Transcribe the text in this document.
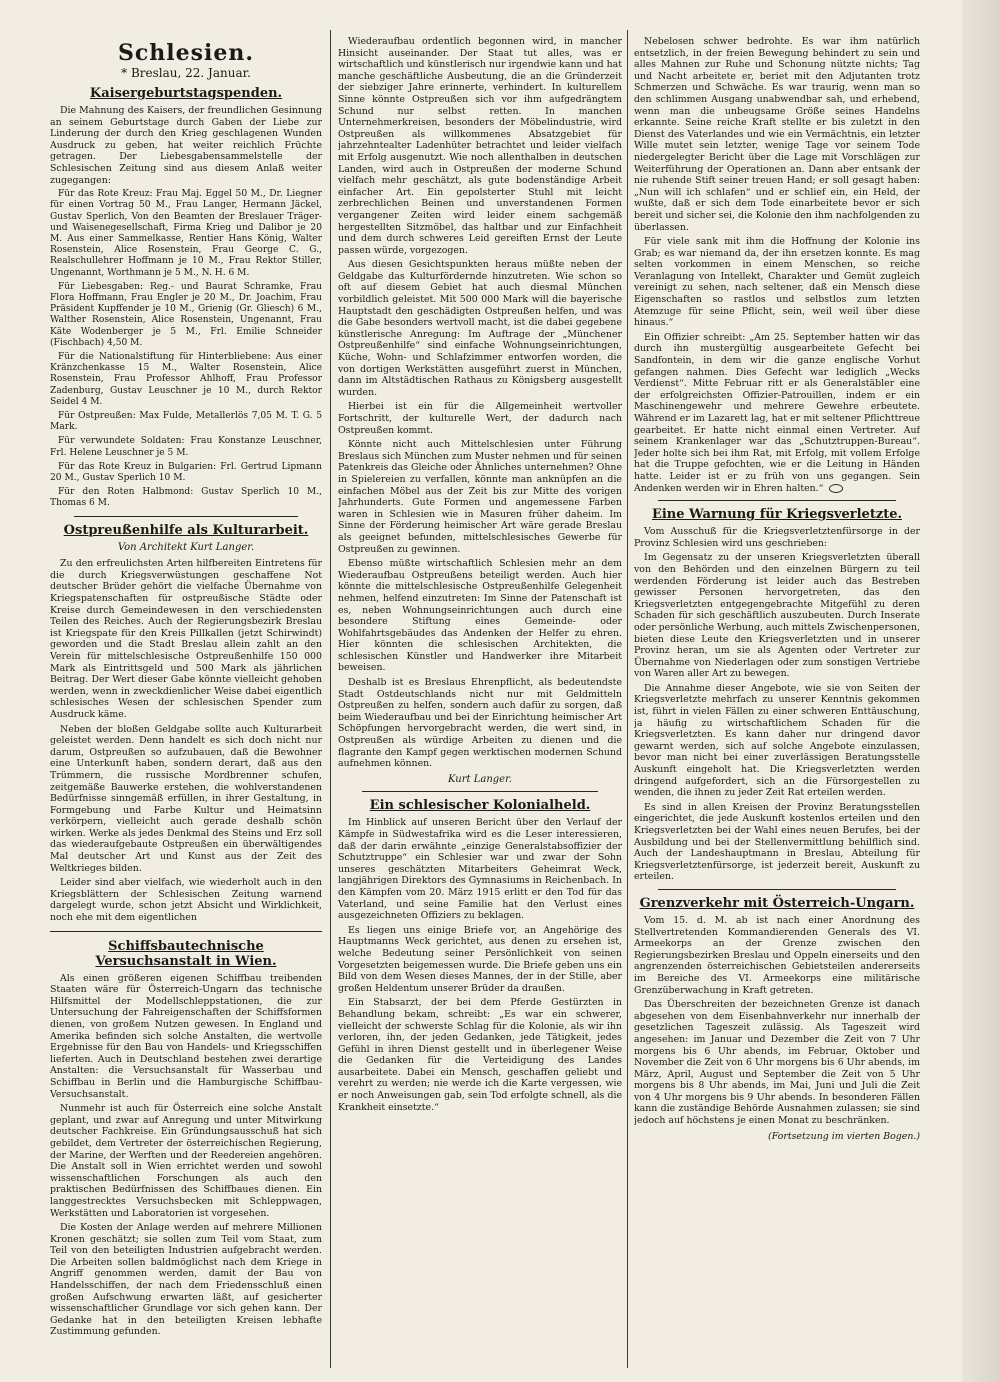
Schlesien.
* Breslau, 22. Januar.
Kaisergeburtstagspenden.

Die Mahnung des Kaisers, der freundlichen Gesinnung an seinem Geburtstage durch Gaben der Liebe zur Linderung der durch den Krieg geschlagenen Wunden Ausdruck zu geben, hat weiter reichlich Früchte getragen. Der Liebesgabensammelstelle der Schlesischen Zeitung sind aus diesem Anlaß weiter zugegangen:

Für das Rote Kreuz: Frau Maj. Eggel 50 M., Dr. Liegner für einen Vortrag 50 M., Frau Langer, Hermann Jäckel, Gustav Sperlich, Von den Beamten der Breslauer Träger- und Waisenegesellschaft, Firma Krieg und Dalibor je 20 M. Aus einer Sammelkasse, Rentier Hans König, Walter Rosenstein, Alice Rosenstein, Frau George C. G., Realschullehrer Hoffmann je 10 M., Frau Rektor Stiller, Ungenannt, Worthmann je 5 M., N. H. 6 M.

Für Liebesgaben: Reg.- und Baurat Schramke, Frau Flora Hoffmann, Frau Engler je 20 M., Dr. Joachim, Frau Präsident Kupffender je 10 M., Grienig (Gr. Gliesch) 6 M., Walther Rosenstein, Alice Rosenstein, Ungenannt, Frau Käte Wodenberger je 5 M., Frl. Emilie Schneider (Fischbach) 4,50 M.

Für die Nationalstiftung für Hinterbliebene: Aus einer Kränzchenkasse 15 M., Walter Rosenstein, Alice Rosenstein, Frau Professor Ahlhoff, Frau Professor Zadenburg, Gustav Leuschner je 10 M., durch Rektor Seidel 4 M.

Für Ostpreußen: Max Fulde, Metallerlös 7,05 M. T. G. 5 Mark.

Für verwundete Soldaten: Frau Konstanze Leuschner, Frl. Helene Leuschner je 5 M.

Für das Rote Kreuz in Bulgarien: Frl. Gertrud Lipmann 20 M., Gustav Sperlich 10 M.

Für den Roten Halbmond: Gustav Sperlich 10 M., Thomas 6 M.

Ostpreußenhilfe als Kulturarbeit.

Von Architekt Kurt Langer.

Zu den erfreulichsten Arten hilfbereiten Eintretens für die durch Kriegsverwüstungen geschaffene Not deutscher Brüder gehört die vielfache Übernahme von Kriegspatenschaften für ostpreußische Städte oder Kreise durch Gemeindewesen in den verschiedensten Teilen des Reiches. Auch der Regierungsbezirk Breslau ist Kriegspate für den Kreis Pillkallen (jetzt Schirwindt) geworden und die Stadt Breslau allein zahlt an den Verein für mittelschlesische Ostpreußenhilfe 150 000 Mark als Eintrittsgeld und 500 Mark als jährlichen Beitrag. Der Wert dieser Gabe könnte vielleicht gehoben werden, wenn in zweckdienlicher Weise dabei eigentlich schlesisches Wesen der schlesischen Spender zum Ausdruck käme.

Neben der bloßen Geldgabe sollte auch Kulturarbeit geleistet werden. Denn handelt es sich doch nicht nur darum, Ostpreußen so aufzubauen, daß die Bewohner eine Unterkunft haben, sondern derart, daß aus den Trümmern, die russische Mordbrenner schufen, zeitgemäße Bauwerke erstehen, die wohlverstandenen Bedürfnisse sinngemäß erfüllen, in ihrer Gestaltung, in Formgebung und Farbe Kultur und Heimatsinn verkörpern, vielleicht auch gerade deshalb schön wirken. Werke als jedes Denkmal des Steins und Erz soll das wiederaufgebaute Ostpreußen ein überwältigendes Mal deutscher Art und Kunst aus der Zeit des Weltkrieges bilden.

Leider sind aber vielfach, wie wiederholt auch in den Kriegsblättern der Schlesischen Zeitung warnend dargelegt wurde, schon jetzt Absicht und Wirklichkeit, noch ehe mit dem eigentlichen

Schiffsbautechnische Versuchsanstalt in Wien.

Als einen größeren eigenen Schiffbau treibenden Staaten wäre für Österreich-Ungarn das technische Hilfsmittel der Modellschleppstationen, die zur Untersuchung der Fahreigenschaften der Schiffsformen dienen, von großem Nutzen gewesen. In England und Amerika befinden sich solche Anstalten, die wertvolle Ergebnisse für den Bau von Handels- und Kriegsschiffen lieferten. Auch in Deutschland bestehen zwei derartige Anstalten: die Versuchsanstalt für Wasserbau und Schiffbau in Berlin und die Hamburgische Schiffbau-Versuchsanstalt.

Nunmehr ist auch für Österreich eine solche Anstalt geplant, und zwar auf Anregung und unter Mitwirkung deutscher Fachkreise. Ein Gründungsausschuß hat sich gebildet, dem Vertreter der österreichischen Regierung, der Marine, der Werften und der Reedereien angehören. Die Anstalt soll in Wien errichtet werden und sowohl wissenschaftlichen Forschungen als auch den praktischen Bedürfnissen des Schiffbaues dienen. Ein langgestrecktes Versuchsbecken mit Schleppwagen, Werkstätten und Laboratorien ist vorgesehen.

Die Kosten der Anlage werden auf mehrere Millionen Kronen geschätzt; sie sollen zum Teil vom Staat, zum Teil von den beteiligten Industrien aufgebracht werden. Die Arbeiten sollen baldmöglichst nach dem Kriege in Angriff genommen werden, damit der Bau von Handelsschiffen, der nach dem Friedensschluß einen großen Aufschwung erwarten läßt, auf gesicherter wissenschaftlicher Grundlage vor sich gehen kann. Der Gedanke hat in den beteiligten Kreisen lebhafte Zustimmung gefunden.

Wiederaufbau ordentlich begonnen wird, in mancher Hinsicht auseinander. Der Staat tut alles, was er wirtschaftlich und künstlerisch nur irgendwie kann und hat manche geschäftliche Ausbeutung, die an die Gründerzeit der siebziger Jahre erinnerte, verhindert. In kulturellem Sinne könnte Ostpreußen sich vor ihm aufgedrängtem Schund nur selbst retten. In manchen Unternehmerkreisen, besonders der Möbelindustrie, wird Ostpreußen als willkommenes Absatzgebiet für jahrzehntealter Ladenhüter betrachtet und leider vielfach mit Erfolg ausgenutzt. Wie noch allenthalben in deutschen Landen, wird auch in Ostpreußen der moderne Schund vielfach mehr geschätzt, als gute bodenständige Arbeit einfacher Art. Ein gepolsterter Stuhl mit leicht zerbrechlichen Beinen und unverstandenen Formen vergangener Zeiten wird leider einem sachgemäß hergestellten Sitzmöbel, das haltbar und zur Einfachheit und dem durch schweres Leid gereiften Ernst der Leute passen würde, vorgezogen.

Aus diesen Gesichtspunkten heraus müßte neben der Geldgabe das Kulturfördernde hinzutreten. Wie schon so oft auf diesem Gebiet hat auch diesmal München vorbildlich geleistet. Mit 500 000 Mark will die bayerische Hauptstadt den geschädigten Ostpreußen helfen, und was die Gabe besonders wertvoll macht, ist die dabei gegebene künstlerische Anregung: Im Auftrage der „Münchener Ostpreußenhilfe“ sind einfache Wohnungseinrichtungen, Küche, Wohn- und Schlafzimmer entworfen worden, die von dortigen Werkstätten ausgeführt zuerst in München, dann im Altstädtischen Rathaus zu Königsberg ausgestellt wurden.

Hierbei ist ein für die Allgemeinheit wertvoller Fortschritt, der kulturelle Wert, der dadurch nach Ostpreußen kommt.

Könnte nicht auch Mittelschlesien unter Führung Breslaus sich München zum Muster nehmen und für seinen Patenkreis das Gleiche oder Ähnliches unternehmen? Ohne in Spielereien zu verfallen, könnte man anknüpfen an die einfachen Möbel aus der Zeit bis zur Mitte des vorigen Jahrhunderts. Gute Formen und angemessene Farben waren in Schlesien wie in Masuren früher daheim. Im Sinne der Förderung heimischer Art wäre gerade Breslau als geeignet befunden, mittelschlesisches Gewerbe für Ostpreußen zu gewinnen.

Ebenso müßte wirtschaftlich Schlesien mehr an dem Wiederaufbau Ostpreußens beteiligt werden. Auch hier könnte die mittelschlesische Ostpreußenhilfe Gelegenheit nehmen, helfend einzutreten: Im Sinne der Patenschaft ist es, neben Wohnungseinrichtungen auch durch eine besondere Stiftung eines Gemeinde- oder Wohlfahrtsgebäudes das Andenken der Helfer zu ehren. Hier könnten die schlesischen Architekten, die schlesischen Künstler und Handwerker ihre Mitarbeit beweisen.

Deshalb ist es Breslaus Ehrenpflicht, als bedeutendste Stadt Ostdeutschlands nicht nur mit Geldmitteln Ostpreußen zu helfen, sondern auch dafür zu sorgen, daß beim Wiederaufbau und bei der Einrichtung heimischer Art Schöpfungen hervorgebracht werden, die wert sind, in Ostpreußen als würdige Arbeiten zu dienen und die flagrante den Kampf gegen werktischen modernen Schund aufnehmen können.

Kurt Langer.

Ein schlesischer Kolonialheld.

Im Hinblick auf unseren Bericht über den Verlauf der Kämpfe in Südwestafrika wird es die Leser interessieren, daß der darin erwähnte „einzige Generalstabsoffizier der Schutztruppe“ ein Schlesier war und zwar der Sohn unseres geschätzten Mitarbeiters Geheimrat Weck, langjährigen Direktors des Gymnasiums in Reichenbach. In den Kämpfen vom 20. März 1915 erlitt er den Tod für das Vaterland, und seine Familie hat den Verlust eines ausgezeichneten Offiziers zu beklagen.

Es liegen uns einige Briefe vor, an Angehörige des Hauptmanns Weck gerichtet, aus denen zu ersehen ist, welche Bedeutung seiner Persönlichkeit von seinen Vorgesetzten beigemessen wurde. Die Briefe geben uns ein Bild von dem Wesen dieses Mannes, der in der Stille, aber großen Heldentum unserer Brüder da draußen.

Ein Stabsarzt, der bei dem Pferde Gestürzten in Behandlung bekam, schreibt: „Es war ein schwerer, vielleicht der schwerste Schlag für die Kolonie, als wir ihn verloren, ihn, der jeden Gedanken, jede Tätigkeit, jedes Gefühl in ihren Dienst gestellt und in überlegener Weise die Gedanken für die Verteidigung des Landes ausarbeitete. Dabei ein Mensch, geschaffen geliebt und verehrt zu werden; nie werde ich die Karte vergessen, wie er noch Anweisungen gab, sein Tod erfolgte schnell, als die Krankheit einsetzte.“

Nebelosen schwer bedrohte. Es war ihm natürlich entsetzlich, in der freien Bewegung behindert zu sein und alles Mahnen zur Ruhe und Schonung nützte nichts; Tag und Nacht arbeitete er, beriet mit den Adjutanten trotz Schmerzen und Schwäche. Es war traurig, wenn man so den schlimmen Ausgang unabwendbar sah, und erhebend, wenn man die unbeugsame Größe seines Handelns erkannte. Seine reiche Kraft stellte er bis zuletzt in den Dienst des Vaterlandes und wie ein Vermächtnis, ein letzter Wille mutet sein letzter, wenige Tage vor seinem Tode niedergelegter Bericht über die Lage mit Vorschlägen zur Weiterführung der Operationen an. Dann aber entsank der nie ruhende Stift seiner treuen Hand; er soll gesagt haben: „Nun will ich schlafen“ und er schlief ein, ein Held, der wußte, daß er sich dem Tode einarbeitete bevor er sich bereit und sicher sei, die Kolonie den ihm nachfolgenden zu überlassen.

Für viele sank mit ihm die Hoffnung der Kolonie ins Grab; es war niemand da, der ihn ersetzen konnte. Es mag selten vorkommen in einem Menschen, so reiche Veranlagung von Intellekt, Charakter und Gemüt zugleich vereinigt zu sehen, nach seltener, daß ein Mensch diese Eigenschaften so rastlos und selbstlos zum letzten Atemzuge für seine Pflicht, sein, weil weil über diese hinaus.“

Ein Offizier schreibt: „Am 25. September hatten wir das durch ihn mustergültig ausgearbeitete Gefecht bei Sandfontein, in dem wir die ganze englische Vorhut gefangen nahmen. Dies Gefecht war lediglich „Wecks Verdienst“. Mitte Februar ritt er als Generalstäbler eine der erfolgreichsten Offizier-Patrouillen, indem er ein Maschinengewehr und mehrere Gewehre erbeutete. Während er im Lazarett lag, hat er mit seltener Pflichttreue gearbeitet. Er hatte nicht einmal einen Vertreter. Auf seinem Krankenlager war das „Schutztruppen-Bureau“. Jeder holte sich bei ihm Rat, mit Erfolg, mit vollem Erfolge hat die Truppe gefochten, wie er die Leitung in Händen hatte. Leider ist er zu früh von uns gegangen. Sein Andenken werden wir in Ehren halten.“

Eine Warnung für Kriegsverletzte.

Vom Ausschuß für die Kriegsverletztenfürsorge in der Provinz Schlesien wird uns geschrieben:

Im Gegensatz zu der unseren Kriegsverletzten überall von den Behörden und den einzelnen Bürgern zu teil werdenden Förderung ist leider auch das Bestreben gewisser Personen hervorgetreten, das den Kriegsverletzten entgegengebrachte Mitgefühl zu deren Schaden für sich geschäftlich auszubeuten. Durch Inserate oder persönliche Werbung, auch mittels Zwischenpersonen, bieten diese Leute den Kriegsverletzten und in unserer Provinz heran, um sie als Agenten oder Vertreter zur Übernahme von Niederlagen oder zum sonstigen Vertriebe von Waren aller Art zu bewegen.

Die Annahme dieser Angebote, wie sie von Seiten der Kriegsverletzte mehrfach zu unserer Kenntnis gekommen ist, führt in vielen Fällen zu einer schweren Enttäuschung, ja häufig zu wirtschaftlichem Schaden für die Kriegsverletzten. Es kann daher nur dringend davor gewarnt werden, sich auf solche Angebote einzulassen, bevor man nicht bei einer zuverlässigen Beratungsstelle Auskunft eingeholt hat. Die Kriegsverletzten werden dringend aufgefordert, sich an die Fürsorgestellen zu wenden, die ihnen zu jeder Zeit Rat erteilen werden.

Es sind in allen Kreisen der Provinz Beratungsstellen eingerichtet, die jede Auskunft kostenlos erteilen und den Kriegsverletzten bei der Wahl eines neuen Berufes, bei der Ausbildung und bei der Stellenvermittlung behilflich sind. Auch der Landeshauptmann in Breslau, Abteilung für Kriegsverletztenfürsorge, ist jederzeit bereit, Auskunft zu erteilen.

Grenzverkehr mit Österreich-Ungarn.

Vom 15. d. M. ab ist nach einer Anordnung des Stellvertretenden Kommandierenden Generals des VI. Armeekorps an der Grenze zwischen den Regierungsbezirken Breslau und Oppeln einerseits und den angrenzenden österreichischen Gebietsteilen andererseits im Bereiche des VI. Armeekorps eine militärische Grenzüberwachung in Kraft getreten.

Das Überschreiten der bezeichneten Grenze ist danach abgesehen von dem Eisenbahnverkehr nur innerhalb der gesetzlichen Tageszeit zulässig. Als Tageszeit wird angesehen: im Januar und Dezember die Zeit von 7 Uhr morgens bis 6 Uhr abends, im Februar, Oktober und November die Zeit von 6 Uhr morgens bis 6 Uhr abends, im März, April, August und September die Zeit von 5 Uhr morgens bis 8 Uhr abends, im Mai, Juni und Juli die Zeit von 4 Uhr morgens bis 9 Uhr abends. In besonderen Fällen kann die zuständige Behörde Ausnahmen zulassen; sie sind jedoch auf höchstens je einen Monat zu beschränken.

(Fortsetzung im vierten Bogen.)
